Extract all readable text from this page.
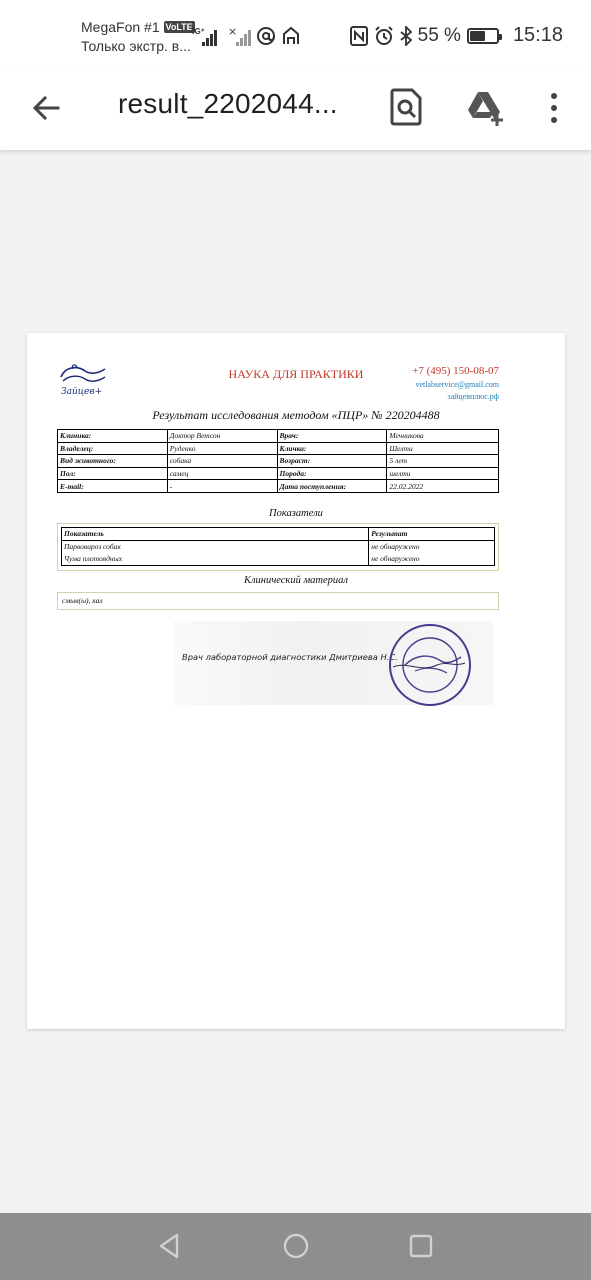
MegaFon #1 VoLTE
Только экстр. в...
4G⁺ ×	55 %	15:18
result_2202044...
Зайцев+
НАУКА ДЛЯ ПРАКТИКИ	+7 (495) 150-08-07
vetlabservice@gmail.com
зайцевплюс.рф
Результат исследования методом «ПЦР» № 220204488
Клиника:	Доктор Ветсон	Врач:	Мечникова
Владелец:	Руденко	Кличка:	Шелти
Вид животного:	собака	Возраст:	5 лет
Пол:	самец	Порода:	шелти
E-mail:	-	Дата поступления:	22.02.2022
Показатели
Показатель	Результат
Парвовироз собак	не обнаружено
Чума плотоядных	не обнаружено
Клинический материал
смыв(ы), кал
Врач лабораторной диагностики Дмитриева Н.С.
